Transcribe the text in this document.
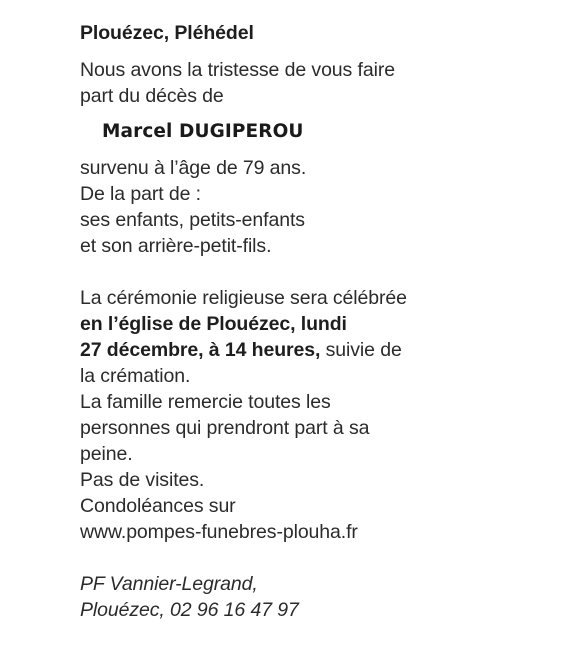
Plouézec, Pléhédel
Nous avons la tristesse de vous faire
part du décès de
Marcel DUGIPEROU
survenu à l’âge de 79 ans.
De la part de :
ses enfants, petits-enfants
et son arrière-petit-fils.
La cérémonie religieuse sera célébrée
en l’église de Plouézec, lundi
27 décembre, à 14 heures, suivie de
la crémation.
La famille remercie toutes les
personnes qui prendront part à sa
peine.
Pas de visites.
Condoléances sur
www.pompes-funebres-plouha.fr
PF Vannier-Legrand,
Plouézec, 02 96 16 47 97
